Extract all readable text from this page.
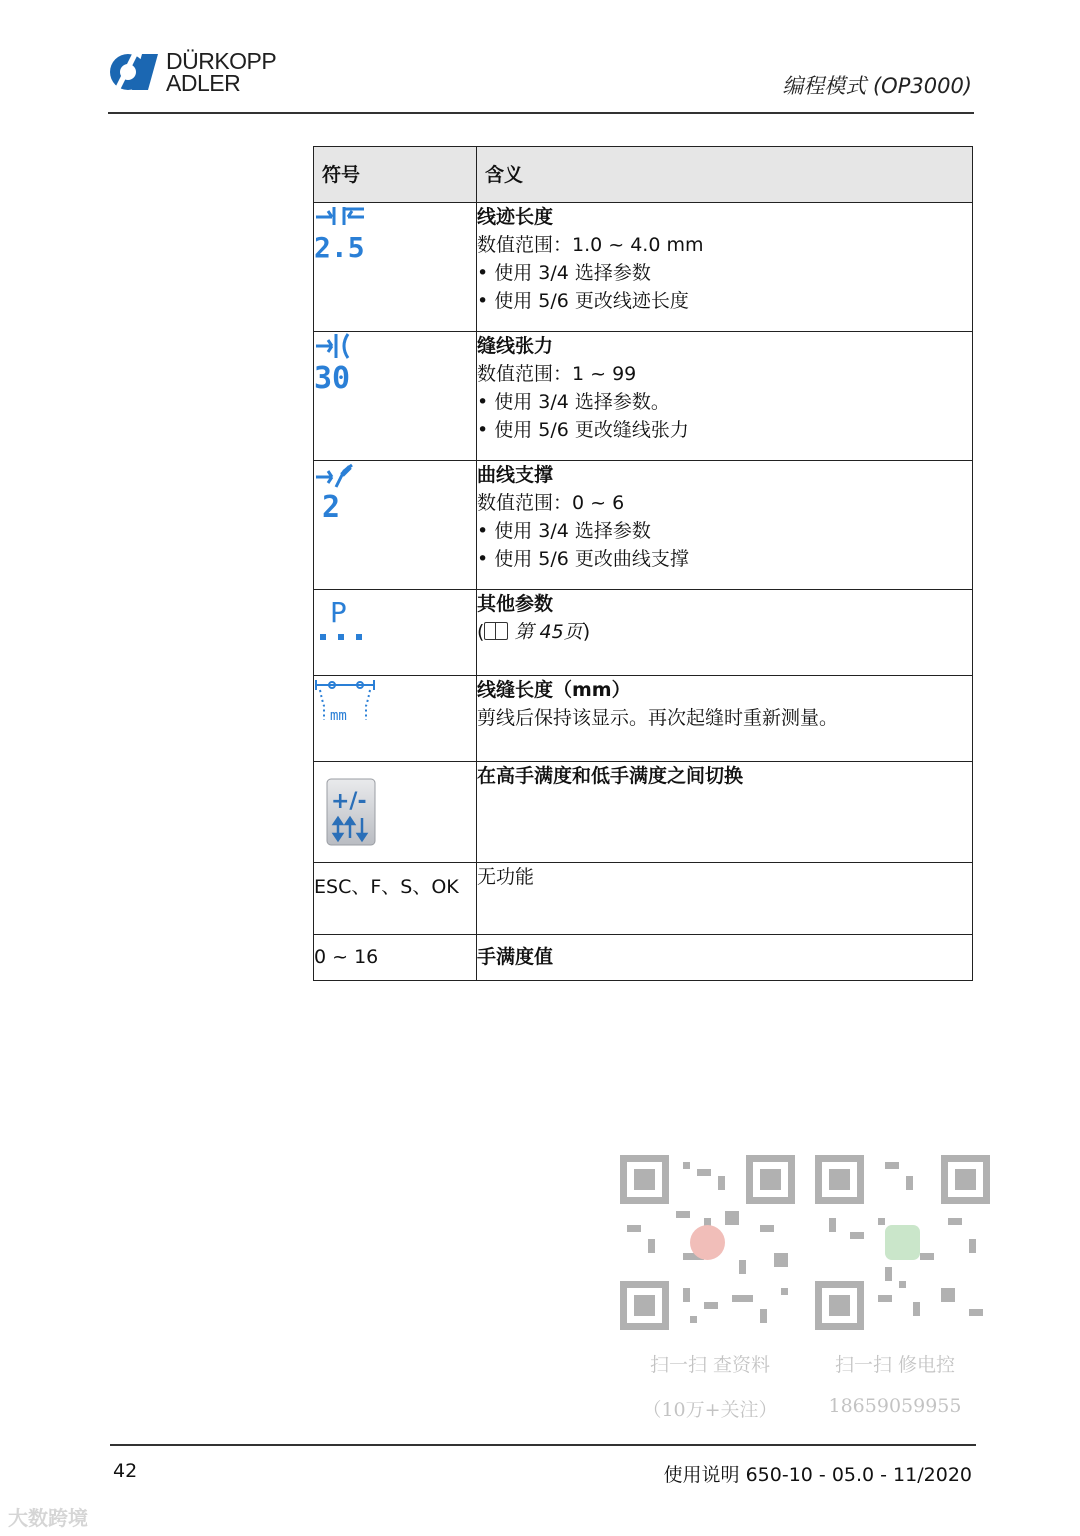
DÜRKOPP
ADLER	编程模式 (OP3000)
符号	含义

2.5	线迹长度
数值范围：1.0 ~ 4.0 mm
• 使用 3/4 选择参数
• 使用 5/6 更改线迹长度

30	缝线张力
数值范围：1 ~ 99
• 使用 3/4 选择参数。
• 使用 5/6 更改缝线张力

2	曲线支撑
数值范围：0 ~ 6
• 使用 3/4 选择参数
• 使用 5/6 更改曲线支撑

P	其他参数
( 第 45页)

mm	线缝长度（mm）
剪线后保持该显示。再次起缝时重新测量。

+/-	在高手满度和低手满度之间切换

ESC、F、S、OK	无功能

0 ~ 16	手满度值
扫一扫 查资料
（10万+关注）
扫一扫 修电控
18659059955
42	使用说明 650-10 - 05.0 - 11/2020
大数跨境
